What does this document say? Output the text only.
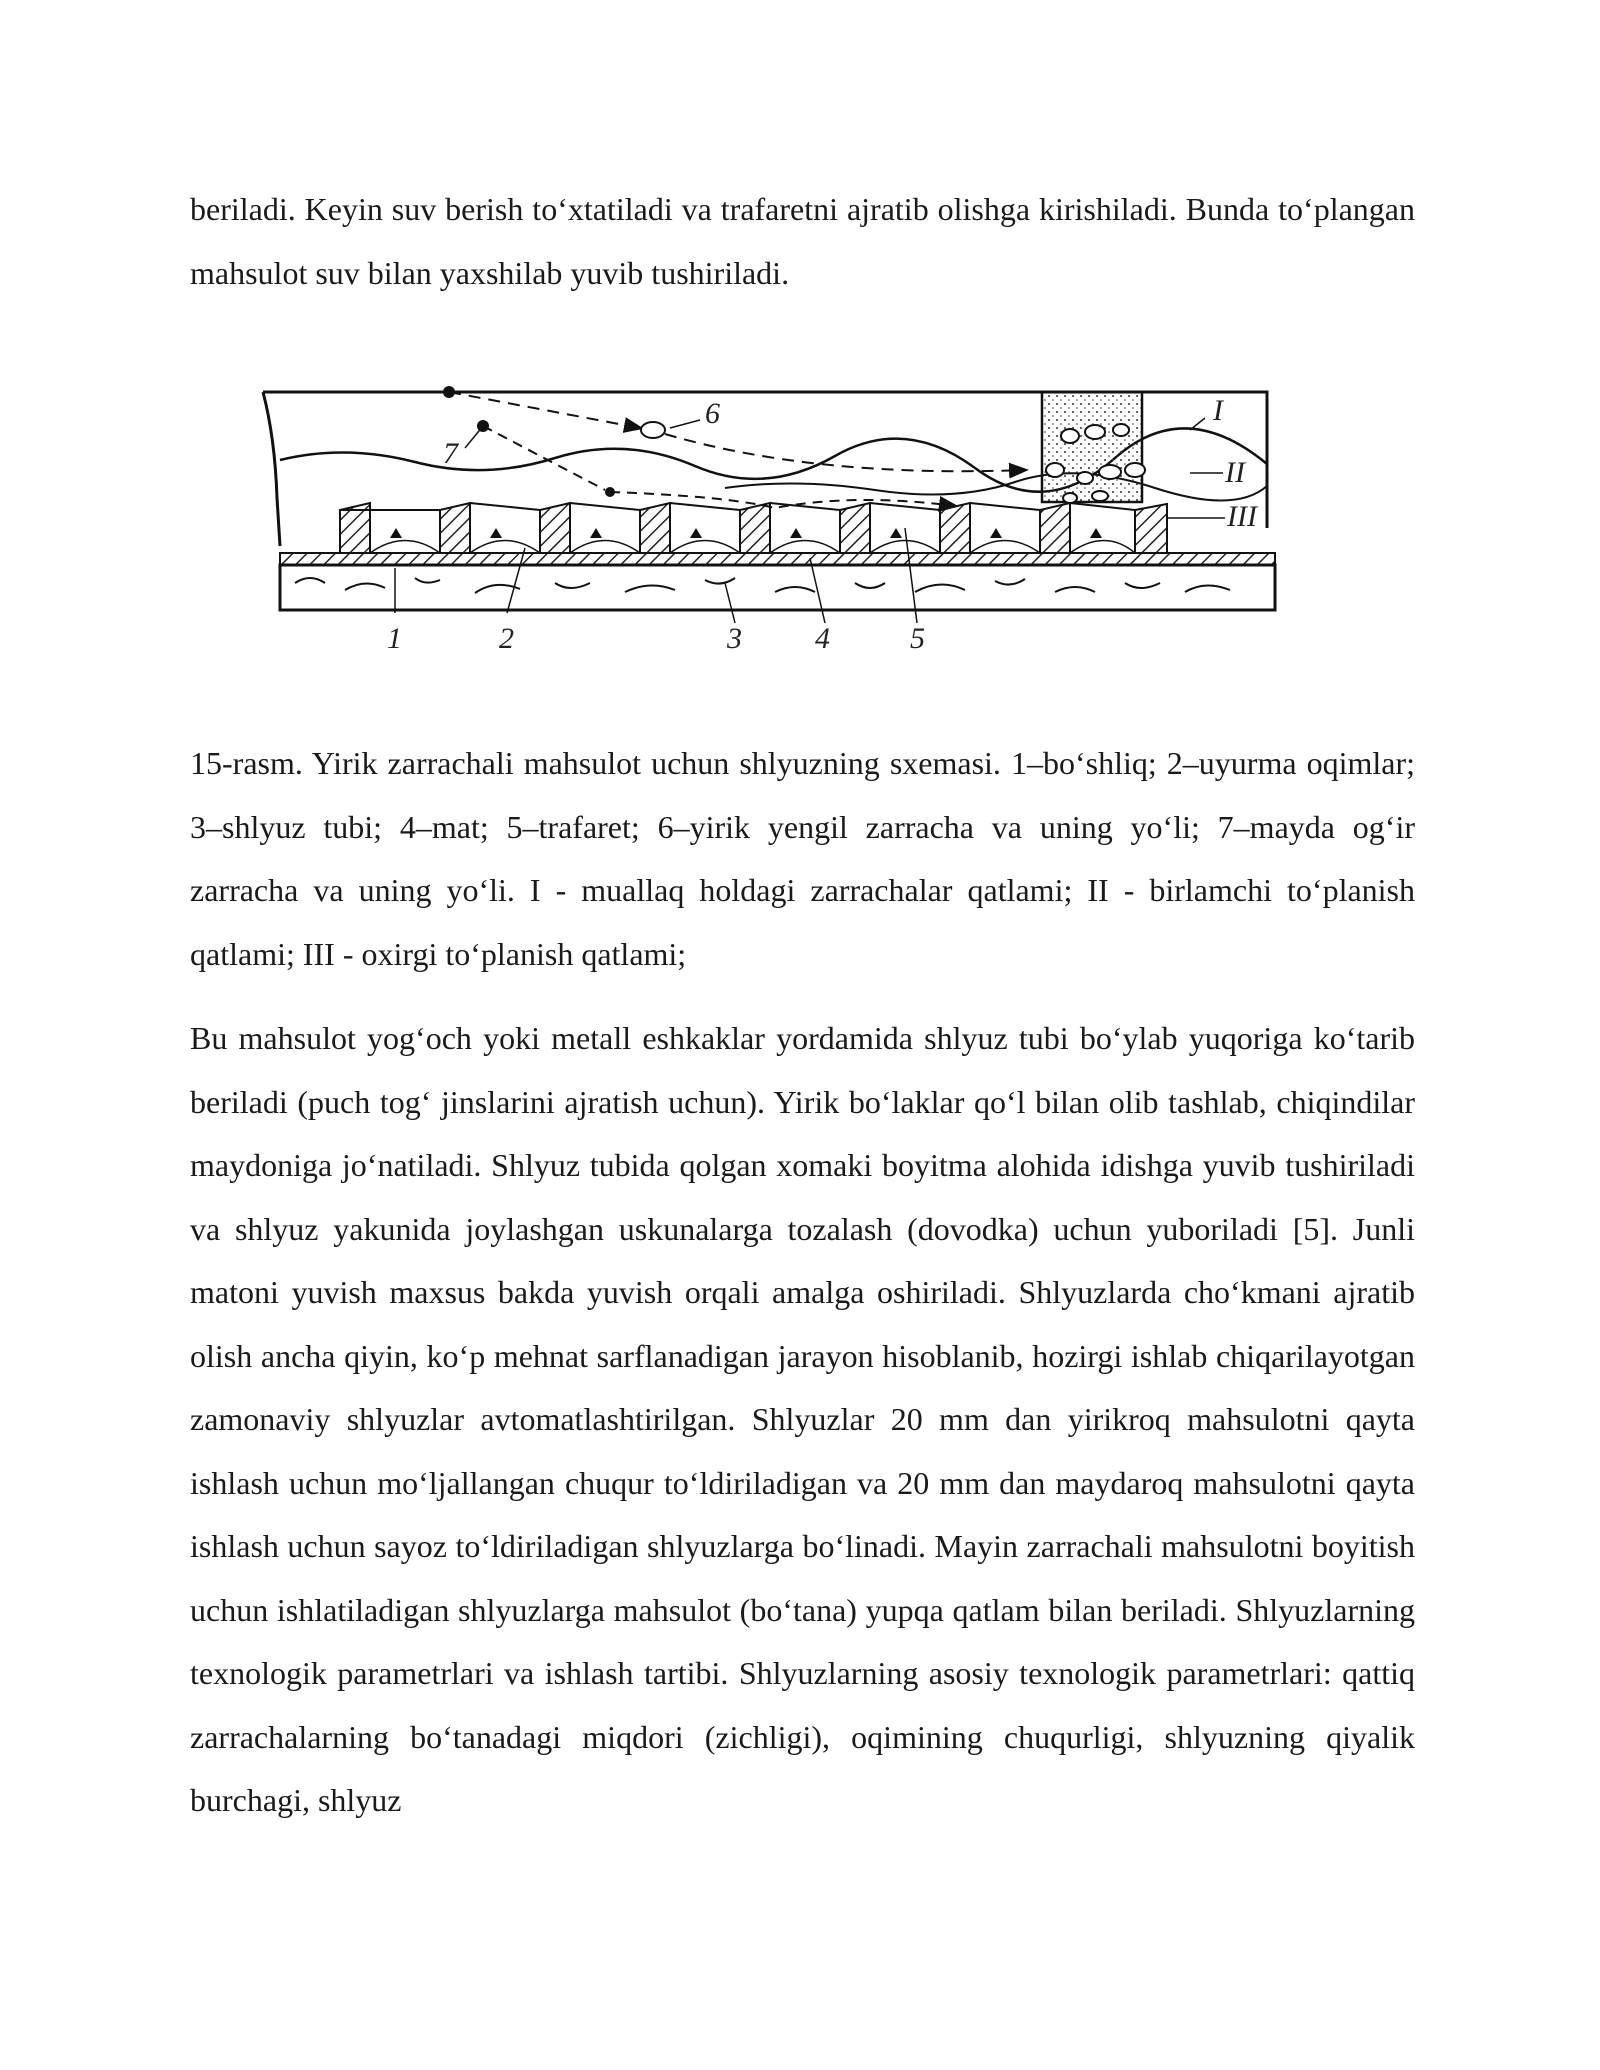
beriladi. Keyin suv berish to‘xtatiladi va trafaretni ajratib olishga kirishiladi. Bunda to‘plangan mahsulot suv bilan yaxshilab yuvib tushiriladi.

6
7
I
II
III
1	2	3 4	5

15-rasm. Yirik zarrachali mahsulot uchun shlyuzning sxemasi. 1–bo‘shliq; 2–uyurma oqimlar; 3–shlyuz tubi; 4–mat; 5–trafaret; 6–yirik yengil zarracha va uning yo‘li; 7–mayda og‘ir zarracha va uning yo‘li. I - muallaq holdagi zarrachalar qatlami; II - birlamchi to‘planish qatlami; III - oxirgi to‘planish qatlami;

Bu mahsulot yog‘och yoki metall eshkaklar yordamida shlyuz tubi bo‘ylab yuqoriga ko‘tarib beriladi (puch tog‘ jinslarini ajratish uchun). Yirik bo‘laklar qo‘l bilan olib tashlab, chiqindilar maydoniga jo‘natiladi. Shlyuz tubida qolgan xomaki boyitma alohida idishga yuvib tushiriladi va shlyuz yakunida joylashgan uskunalarga tozalash (dovodka) uchun yuboriladi [5]. Junli matoni yuvish maxsus bakda yuvish orqali amalga oshiriladi. Shlyuzlarda cho‘kmani ajratib olish ancha qiyin, ko‘p mehnat sarflanadigan jarayon hisoblanib, hozirgi ishlab chiqarilayotgan zamonaviy shlyuzlar avtomatlashtirilgan. Shlyuzlar 20 mm dan yirikroq mahsulotni qayta ishlash uchun mo‘ljallangan chuqur to‘ldiriladigan va 20 mm dan maydaroq mahsulotni qayta ishlash uchun sayoz to‘ldiriladigan shlyuzlarga bo‘linadi. Mayin zarrachali mahsulotni boyitish uchun ishlatiladigan shlyuzlarga mahsulot (bo‘tana) yupqa qatlam bilan beriladi. Shlyuzlarning texnologik parametrlari va ishlash tartibi. Shlyuzlarning asosiy texnologik parametrlari: qattiq zarrachalarning bo‘tanadagi miqdori (zichligi), oqimining chuqurligi, shlyuzning qiyalik burchagi, shlyuz
